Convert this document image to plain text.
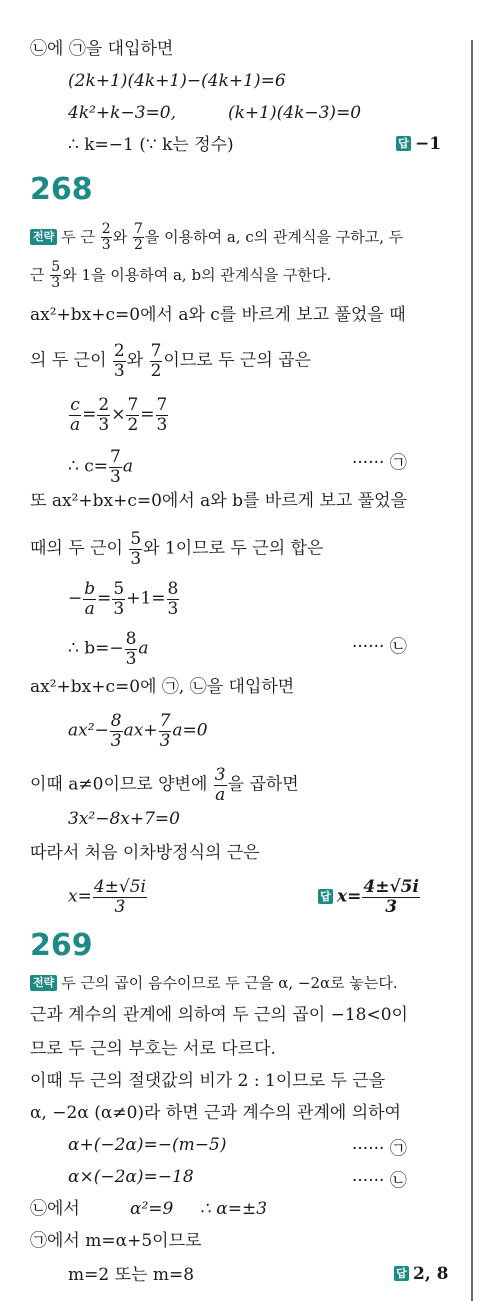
㉡에 ㉠을 대입하면
(2k+1)(4k+1)−(4k+1)=6
4k²+k−3=0,	(k+1)(4k−3)=0
∴ k=−1 (∵ k는 정수)	답 −1
268
전략 두 근 $\frac{2}{3}$ 와 $\frac{7}{2}$ 을 이용하여 a, c의 관계식을 구하고, 두
근 $\frac{5}{3}$ 와 1을 이용하여 a, b의 관계식을 구한다.
ax²+bx+c=0에서 a와 c를 바르게 보고 풀었을 때
의 두 근이 $\frac{2}{3}$ 와 $\frac{7}{2}$ 이므로 두 근의 곱은
$\frac{c}{a} = \frac{2}{3} \times \frac{7}{2} = \frac{7}{3}$
∴ $c= \frac{7}{3}$ a	······ ㉠
또 ax²+bx+c=0에서 a와 b를 바르게 보고 풀었을
때의 두 근이 $\frac{5}{3}$ 와 1이므로 두 근의 합은
− $\frac{b}{a} = \frac{5}{3} +1= \frac{8}{3}$
∴ $b=- \frac{8}{3}$ a	······ ㉡
ax²+bx+c=0에 ㉠, ㉡을 대입하면
$ax^2- \frac{8}{3} ax+ \frac{7}{3} a=0$
이때 a≠0이므로 양변에 $\frac{3}{a}$ 을 곱하면
3x²−8x+7=0
따라서 처음 이차방정식의 근은
$x= \frac{4\pm√5i}{3}$	답 $x= \frac{4\pm√5i}{3}$
269
전략 두 근의 곱이 음수이므로 두 근을 α, −2α로 놓는다.
근과 계수의 관계에 의하여 두 근의 곱이 −18<0이
므로 두 근의 부호는 서로 다르다.
이때 두 근의 절댓값의 비가 2 : 1이므로 두 근을
α, −2α (α≠0)라 하면 근과 계수의 관계에 의하여
α+(−2α)=−(m−5)	······ ㉠
α×(−2α)=−18	······ ㉡
㉡에서	α²=9 ∴ α=±3
㉠에서 m=α+5이므로
m=2 또는 m=8	답 2, 8
